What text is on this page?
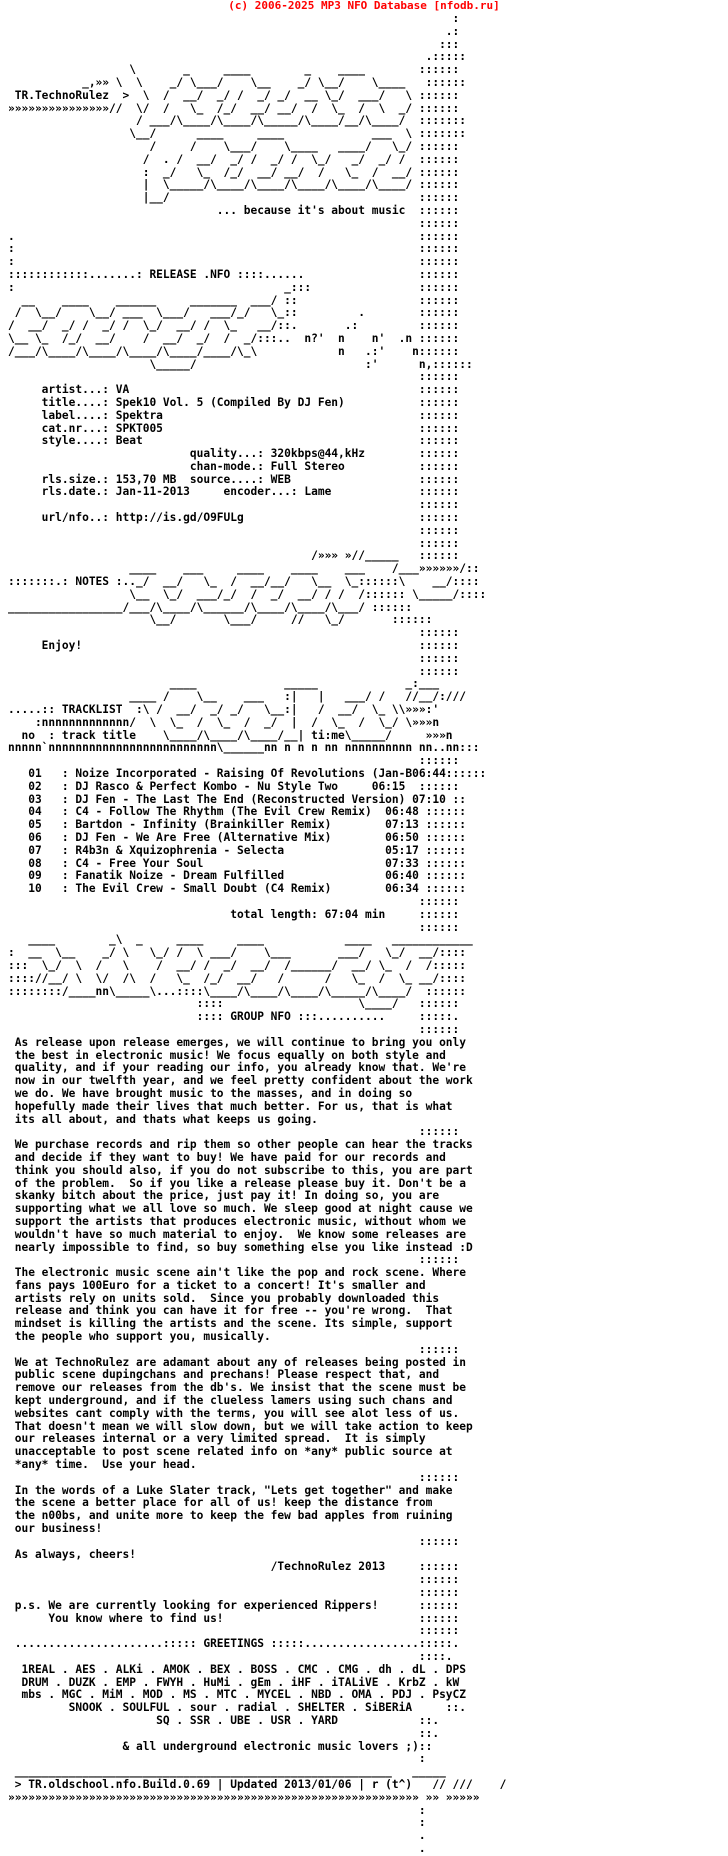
(c) 2006-2025 MP3 NFO Database [nfodb.ru]
:
.:
:::
.:::::
\       _     ____        _    ____        ::::::
_,»» \  \    _/ \___/    \__    _/ \__/    \____   ::::::
TR.TechnoRulez  >  \  /  __/  _/ /  _/ _/  __ \_/  ___/   \ ::::::
»»»»»»»»»»»»»»»//  \/  /   \_  /_/  __/ __/  /  \_  /  \  _/ ::::::
/ ___/\____/\____/\_____/\____/__/\____/  :::::::
\__/      ____     ____             ___  \ :::::::
/     /    \___/    \____   ____/   \_/ ::::::
/  . /  __/  _/ /  _/ /  \_/   _/  _/ /  ::::::
:  _/   \_  /_/  __/ __/  /   \_  /  __/ ::::::
|  \_____/\____/\____/\____/\____/\____/ ::::::
|__/                                     ::::::
... because it's about music  ::::::
::::::
.                                                            ::::::
:                                                            ::::::
:                                                            ::::::
::::::::::::.......: RELEASE .NFO ::::......                 ::::::
:                                        _:::                ::::::
__    ____    ______     _______  ___/ ::                  ::::::
/  \__/    \__/ ___  \___/   ___/_/   \_::         .        ::::::
/  __/  _/ /  _/ /  \_/  __/ /  \_   __/::.       .:         ::::::
\__ \_  /_/  __/    /  __/  _/  /  _/:::..  n?'  n    n'  .n ::::::
/___/\____/\____/\____/\____/____/\_\            n   .:'    n::::::
\_____/                         :'      n,::::::
::::::
artist...: VA                                           ::::::
title....: Spek10 Vol. 5 (Compiled By DJ Fen)           ::::::
label....: Spektra                                      ::::::
cat.nr...: SPKT005                                      ::::::
style....: Beat                                         ::::::
quality...: 320kbps@44,kHz        ::::::
chan-mode.: Full Stereo           ::::::
rls.size.: 153,70 MB  source....: WEB                   ::::::
rls.date.: Jan-11-2013     encoder...: Lame             ::::::
::::::
url/nfo..: http://is.gd/O9FULg                          ::::::
::::::
::::::
/»»» »//_____   ::::::
____    ___     ____    ____    ___    /___»»»»»»/::
:::::::.: NOTES :.._/  __/   \_  /  __/__/   \__  \_::::::\    __/::::
\__  \_/  ___/_/  /  _/  __/ / /  /:::::: \_____/::::
_________________/___/\____/\______/\____/\____/\___/ ::::::
\__/       \___/     //   \_/       ::::::
::::::
Enjoy!                                                  ::::::
::::::
::::::
____             _____             _:___
____ /    \__    ___   :|   |   ___/ /   //__/:///
.....:: TRACKLIST  :\ /  __/  _/ _/   \__:|   /  __/  \_ \\»»»:'
:nnnnnnnnnnnnn/  \  \_  /  \_  /  _/  |  /  \_  /  \_/ \»»»n
no  : track title    \____/\____/\____/__| ti:me\_____/     »»»n
nnnnn`nnnnnnnnnnnnnnnnnnnnnnnnn\______nn n n n nn nnnnnnnnnn nn..nn:::
::::::
01   : Noize Incorporated - Raising Of Revolutions (Jan-B06:44::::::
02   : DJ Rasco & Perfect Kombo - Nu Style Two     06:15  ::::::
03   : DJ Fen - The Last The End (Reconstructed Version) 07:10 ::
04   : C4 - Follow The Rhythm (The Evil Crew Remix)  06:48 ::::::
05   : Bartdon - Infinity (Brainkiller Remix)        07:13 ::::::
06   : DJ Fen - We Are Free (Alternative Mix)        06:50 ::::::
07   : R4b3n & Xquizophrenia - Selecta               05:17 ::::::
08   : C4 - Free Your Soul                           07:33 ::::::
09   : Fanatik Noize - Dream Fulfilled               06:40 ::::::
10   : The Evil Crew - Small Doubt (C4 Remix)        06:34 ::::::
::::::
total length: 67:04 min     ::::::
::::::
____        _\  _     ____     ____            ____   ____________
:  __  \__    _/ \   \_/ /  \ ___/    \___       ___/   \_/  __/::::
:::  \_/  \  /   \    /  __/ /  _/  __/  /______/  __/ \_  /  /:::::
:::://__/ \  \/  /\  /   \_  /_/  __/   /      /   \_  /  \_ __/::::
::::::::/____nn\_____\...::::\____/\____/\____/\_____/\____/  ::::::
::::                    \____/   ::::::
:::: GROUP NFO :::..........     :::::.
::::::
As release upon release emerges, we will continue to bring you only
the best in electronic music! We focus equally on both style and
quality, and if your reading our info, you already know that. We're
now in our twelfth year, and we feel pretty confident about the work
we do. We have brought music to the masses, and in doing so
hopefully made their lives that much better. For us, that is what
its all about, and thats what keeps us going.
::::::
We purchase records and rip them so other people can hear the tracks
and decide if they want to buy! We have paid for our records and
think you should also, if you do not subscribe to this, you are part
of the problem.  So if you like a release please buy it. Don't be a
skanky bitch about the price, just pay it! In doing so, you are
supporting what we all love so much. We sleep good at night cause we
support the artists that produces electronic music, without whom we
wouldn't have so much material to enjoy.  We know some releases are
nearly impossible to find, so buy something else you like instead :D
::::::
The electronic music scene ain't like the pop and rock scene. Where
fans pays 100Euro for a ticket to a concert! It's smaller and
artists rely on units sold.  Since you probably downloaded this
release and think you can have it for free -- you're wrong.  That
mindset is killing the artists and the scene. Its simple, support
the people who support you, musically.
::::::
We at TechnoRulez are adamant about any of releases being posted in
public scene dupingchans and prechans! Please respect that, and
remove our releases from the db's. We insist that the scene must be
kept underground, and if the clueless lamers using such chans and
websites cant comply with the terms, you will see alot less of us.
That doesn't mean we will slow down, but we will take action to keep
our releases internal or a very limited spread.  It is simply
unacceptable to post scene related info on *any* public source at
*any* time.  Use your head.
::::::
In the words of a Luke Slater track, "Lets get together" and make
the scene a better place for all of us! keep the distance from
the n00bs, and unite more to keep the few bad apples from ruining
our business!
::::::
As always, cheers!
/TechnoRulez 2013     ::::::
::::::
::::::
p.s. We are currently looking for experienced Rippers!      ::::::
You know where to find us!                             ::::::
::::::
......................::::: GREETINGS :::::.................:::::.
::::.
1REAL . AES . ALKi . AMOK . BEX . BOSS . CMC . CMG . dh . dL . DPS
DRUM . DUZK . EMP . FWYH . HuMi . gEm . iHF . iTALiVE . KrbZ . kW
mbs . MGC . MiM . MOD . MS . MTC . MYCEL . NBD . OMA . PDJ . PsyCZ
SNOOK . SOULFUL . sour . radial . SHELTER . SiBERiA     ::.
SQ . SSR . UBE . USR . YARD            ::.
::.
& all underground electronic music lovers ;)::
:
________________________________________________________   _____
> TR.oldschool.nfo.Build.0.69 | Updated 2013/01/06 | r (t^)   // ///    /
»»»»»»»»»»»»»»»»»»»»»»»»»»»»»»»»»»»»»»»»»»»»»»»»»»»»»»»»»»»»» »» »»»»»
:
:
.
.
